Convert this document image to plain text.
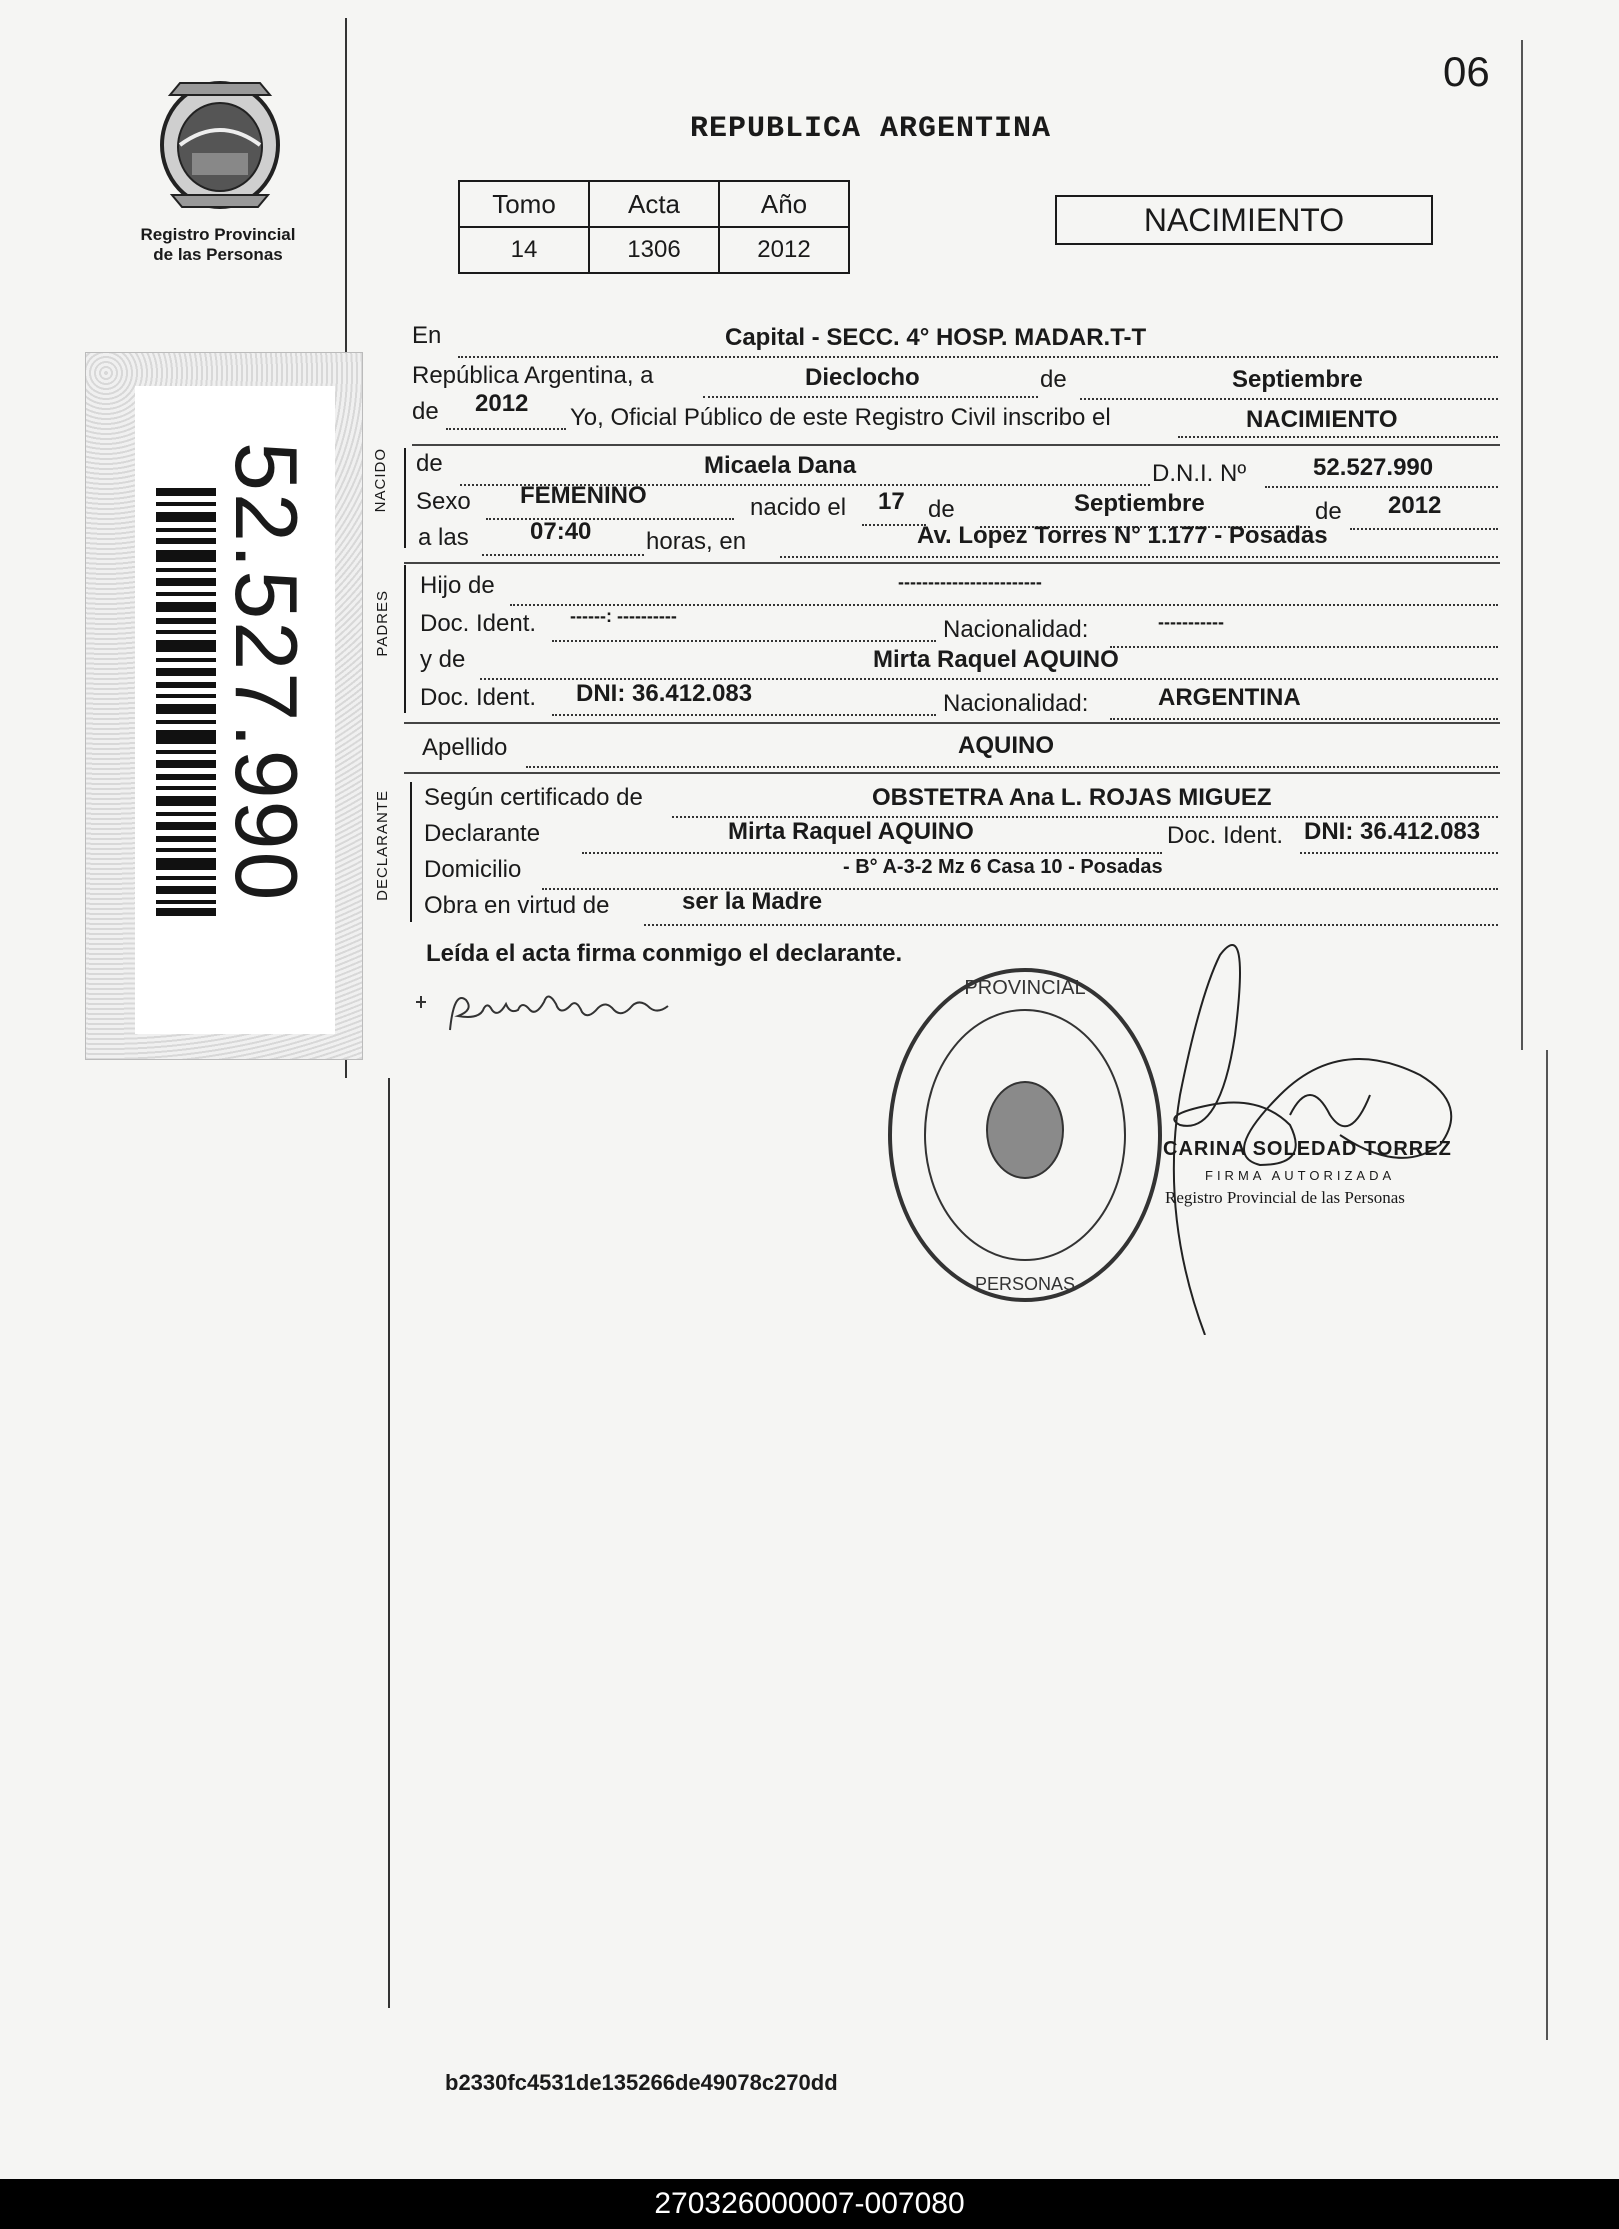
06
Registro Provincial
de las Personas
52.527.990
REPUBLICA ARGENTINA
Tomo	Acta	Año
14	1306	2012
NACIMIENTO
En	Capital - SECC. 4° HOSP. MADAR.T-T
República Argentina, a	Dieclocho	de	Septiembre
de 2012
Yo, Oficial Público de este Registro Civil inscribo el	NACIMIENTO
NACIDO de	Micaela Dana	D.N.I. Nº	52.527.990
Sexo FEMENINO	nacido el 17 de	Septiembre	de 2012
a las	07:40 horas, en	Av. Lopez Torres N° 1.177 - Posadas
PADRES
Hijo de	------------------------
Doc. Ident. ------: ----------	Nacionalidad:	-----------
y de	Mirta Raquel AQUINO
Doc. Ident. DNI: 36.412.083	Nacionalidad:	ARGENTINA
Apellido	AQUINO
DECLARANTE Según certificado de	OBSTETRA Ana L. ROJAS MIGUEZ
Declarante	Mirta Raquel AQUINO	Doc. Ident. DNI: 36.412.083
Domicilio	- B° A-3-2 Mz 6 Casa 10 - Posadas
Obra en virtud de	ser la Madre
Leída el acta firma conmigo el declarante.
PROVINCIAL
PERSONAS
CARINA SOLEDAD TORREZ
FIRMA AUTORIZADA
Registro Provincial de las Personas
b2330fc4531de135266de49078c270dd
270326000007-007080
